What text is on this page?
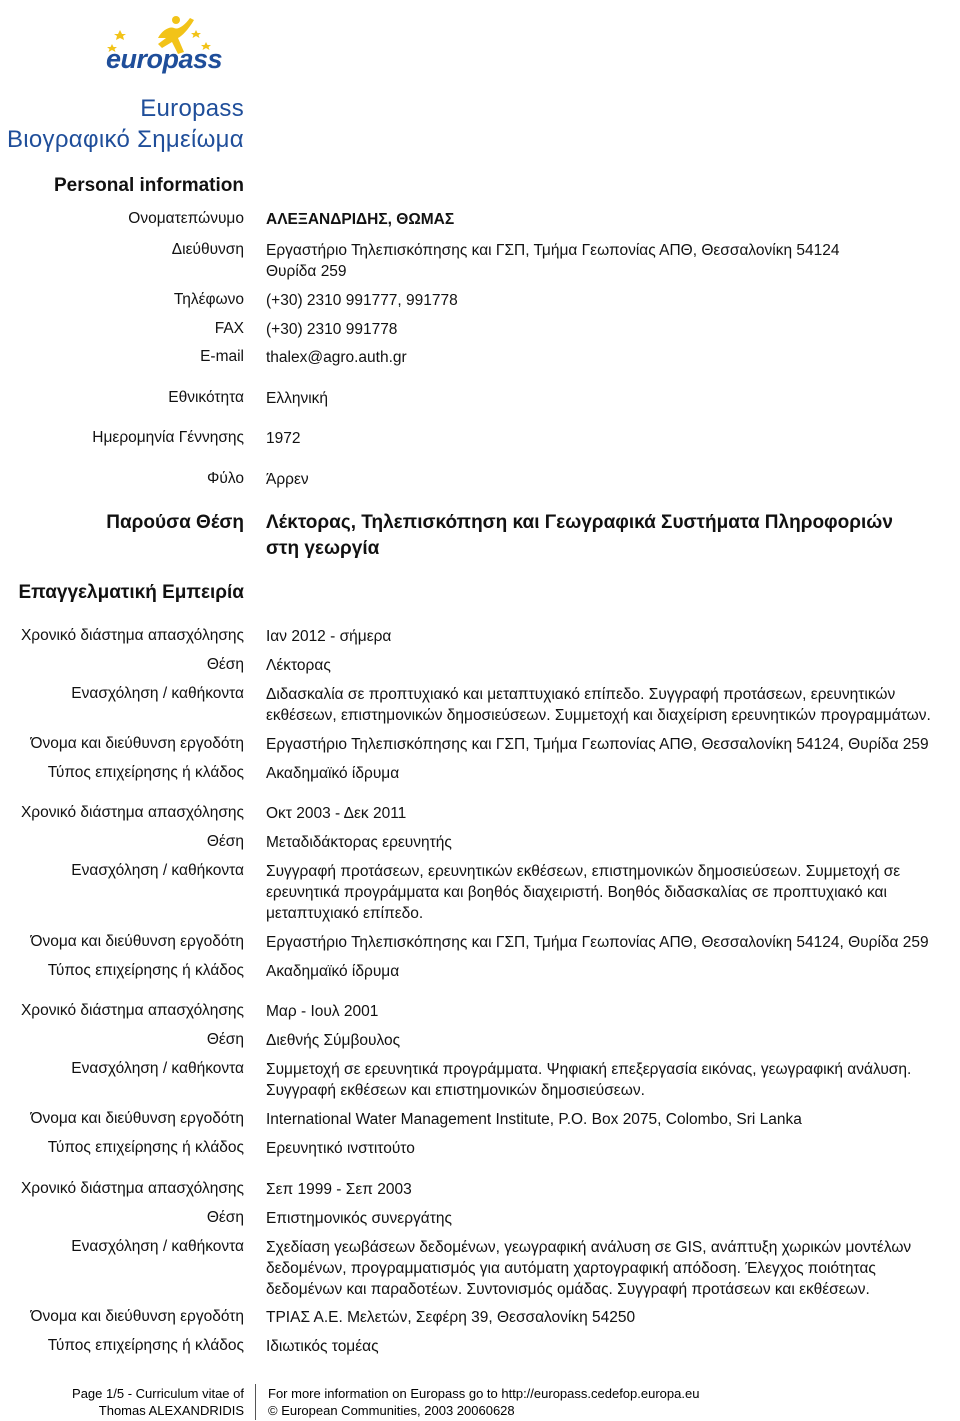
europass
Europass
Βιογραφικό Σημείωμα
Personal information
Ονοματεπώνυμο ΑΛΕΞΑΝΔΡΙΔΗΣ, ΘΩΜΑΣ
Διεύθυνση Εργαστήριο Τηλεπισκόπησης και ΓΣΠ, Τμήμα Γεωπονίας ΑΠΘ, Θεσσαλονίκη 54124
Θυρίδα 259
Τηλέφωνο (+30) 2310 991777, 991778
FAX (+30) 2310 991778
E-mail thalex@agro.auth.gr
Εθνικότητα Ελληνική
Ημερομηνία Γέννησης 1972
Φύλο Άρρεν
Παρούσα Θέση Λέκτορας, Τηλεπισκόπηση και Γεωγραφικά Συστήματα Πληροφοριών στη γεωργία
Επαγγελματική Εμπειρία
Χρονικό διάστημα απασχόλησης Ιαν 2012 - σήμερα
Θέση Λέκτορας
Ενασχόληση / καθήκοντα Διδασκαλία σε προπτυχιακό και μεταπτυχιακό επίπεδο. Συγγραφή προτάσεων, ερευνητικών εκθέσεων, επιστημονικών δημοσιεύσεων. Συμμετοχή και διαχείριση ερευνητικών προγραμμάτων.
Όνομα και διεύθυνση εργοδότη Εργαστήριο Τηλεπισκόπησης και ΓΣΠ, Τμήμα Γεωπονίας ΑΠΘ, Θεσσαλονίκη 54124, Θυρίδα 259
Τύπος επιχείρησης ή κλάδος Ακαδημαϊκό ίδρυμα
Χρονικό διάστημα απασχόλησης Οκτ 2003 - Δεκ 2011
Θέση Μεταδιδάκτορας ερευνητής
Ενασχόληση / καθήκοντα Συγγραφή προτάσεων, ερευνητικών εκθέσεων, επιστημονικών δημοσιεύσεων. Συμμετοχή σε ερευνητικά προγράμματα και βοηθός διαχειριστή. Βοηθός διδασκαλίας σε προπτυχιακό και μεταπτυχιακό επίπεδο.
Όνομα και διεύθυνση εργοδότη Εργαστήριο Τηλεπισκόπησης και ΓΣΠ, Τμήμα Γεωπονίας ΑΠΘ, Θεσσαλονίκη 54124, Θυρίδα 259
Τύπος επιχείρησης ή κλάδος Ακαδημαϊκό ίδρυμα
Χρονικό διάστημα απασχόλησης Μαρ - Ιουλ 2001
Θέση Διεθνής Σύμβουλος
Ενασχόληση / καθήκοντα Συμμετοχή σε ερευνητικά προγράμματα. Ψηφιακή επεξεργασία εικόνας, γεωγραφική ανάλυση. Συγγραφή εκθέσεων και επιστημονικών δημοσιεύσεων.
Όνομα και διεύθυνση εργοδότη International Water Management Institute, P.O. Box 2075, Colombo, Sri Lanka
Τύπος επιχείρησης ή κλάδος Ερευνητικό ινστιτούτο
Χρονικό διάστημα απασχόλησης Σεπ 1999 - Σεπ 2003
Θέση Επιστημονικός συνεργάτης
Ενασχόληση / καθήκοντα Σχεδίαση γεωβάσεων δεδομένων, γεωγραφική ανάλυση σε GIS, ανάπτυξη χωρικών μοντέλων δεδομένων, προγραμματισμός για αυτόματη χαρτογραφική απόδοση. Έλεγχος ποιότητας δεδομένων και παραδοτέων. Συντονισμός ομάδας. Συγγραφή προτάσεων και εκθέσεων.
Όνομα και διεύθυνση εργοδότη ΤΡΙΑΣ Α.Ε. Μελετών, Σεφέρη 39, Θεσσαλονίκη 54250
Τύπος επιχείρησης ή κλάδος Ιδιωτικός τομέας
Page 1/5 - Curriculum vitae of
Thomas ALEXANDRIDIS
For more information on Europass go to http://europass.cedefop.europa.eu
© European Communities, 2003 20060628
